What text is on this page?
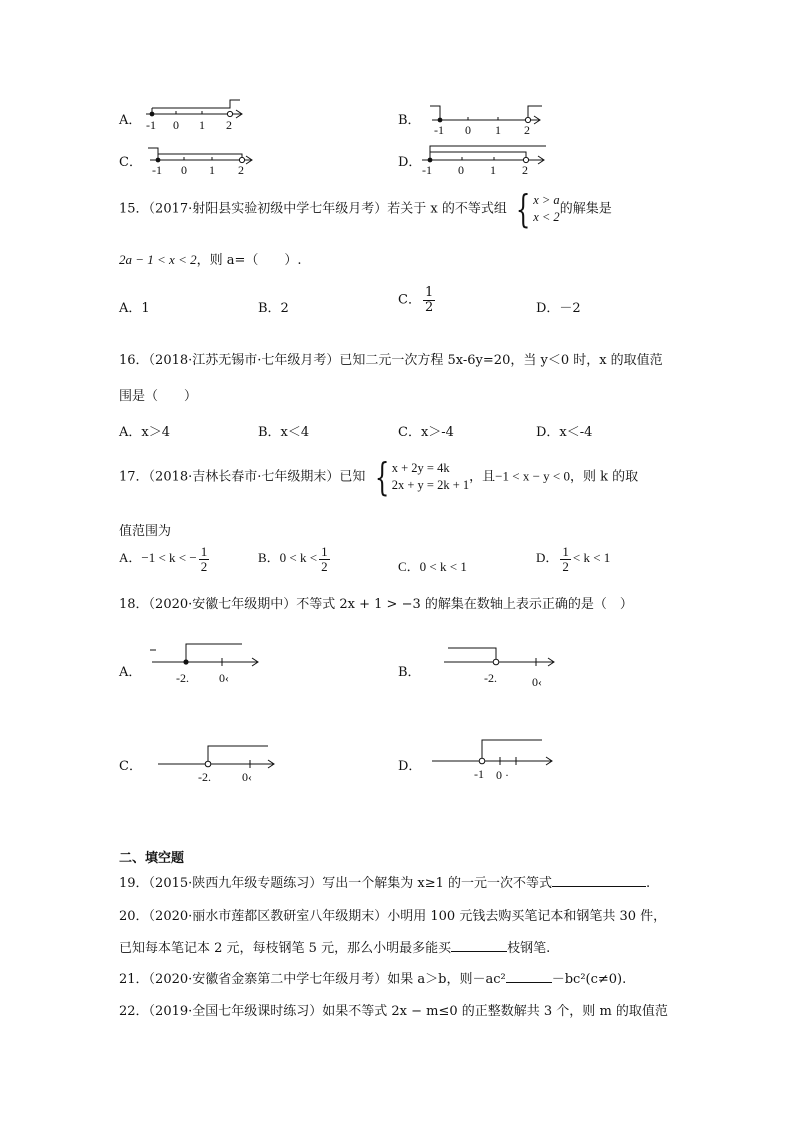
A． -1 0 1 2	B．
-1 0 1 2
C． -1 0 1 2	D． -1 0 1 2
15．（2017·射阳县实验初级中学七年级月考）若关于 x 的不等式组 { x > a
x < 2
的解集是
2a − 1 < x < 2，则 a=（　　）.
A．1	B．2
C． $\frac{1}{2}$	D．－2
16．（2018·江苏无锡市·七年级月考）已知二元一次方程 5x-6y=20，当 y＜0 时，x 的取值范
围是（　　）
A．x＞4	B．x＜4	C．x＞-4	D．x＜-4
17．（2018·吉林长春市·七年级期末）已知 { x + 2y = 4k
2x + y = 2k + 1
，且−1 < x − y < 0，则 k 的取
值范围为
A．−1 < k < − $\frac{1}{2}$	B．$0 < k < \frac{1}{2}$	C．0 < k < 1
D． $\frac{1}{2} < k < 1$
18．（2020·安徽七年级期中）不等式 2x + 1 > −3 的解集在数轴上表示正确的是（　）
A．	-2.	0‹	B．	-2.	0‹
C．
-2.	0‹
D．	-1 0 ·
二、填空题
19．（2015·陕西九年级专题练习）写出一个解集为 x≥1 的一元一次不等式	.
20．（2020·丽水市莲都区教研室八年级期末）小明用 100 元钱去购买笔记本和钢笔共 30 件，
已知每本笔记本 2 元，每枝钢笔 5 元，那么小明最多能买	枝钢笔.
21．（2020·安徽省金寨第二中学七年级月考）如果 a＞b，则－ac²	－bc²(c≠0).
22．（2019·全国七年级课时练习）如果不等式 2x − m≤0 的正整数解共 3 个，则 m 的取值范
